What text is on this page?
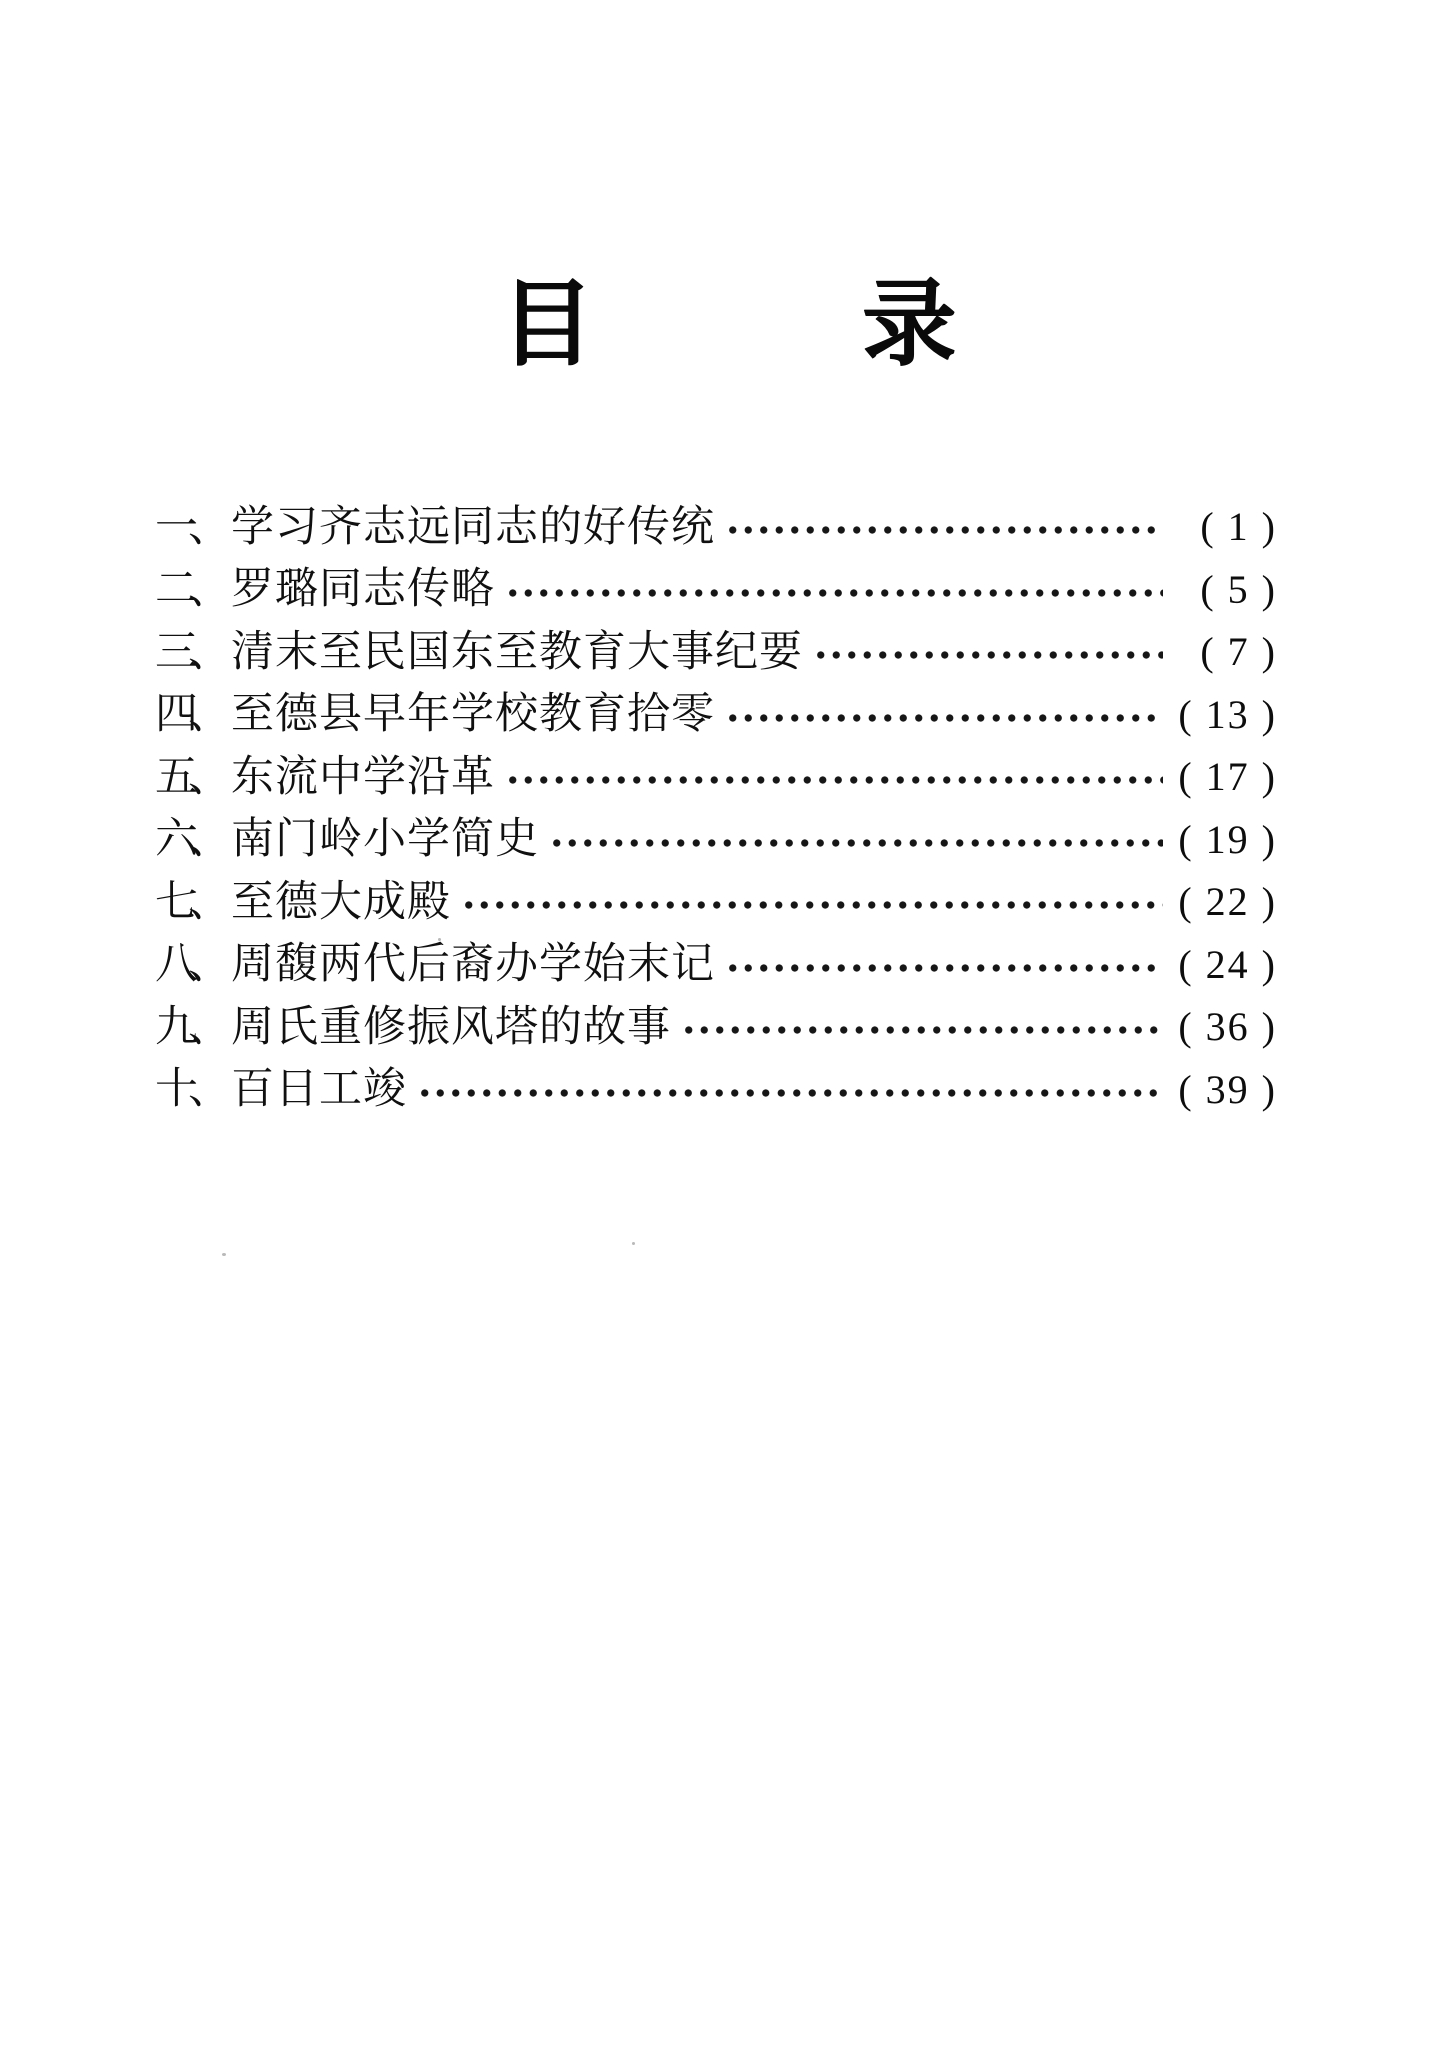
目	录
一、 学习齐志远同志的好传统	( 1 )
二、 罗璐同志传略	( 5 )
三、 清末至民国东至教育大事纪要	( 7 )
四、 至德县早年学校教育拾零	( 13 )
五、 东流中学沿革	( 17 )
六、 南门岭小学简史	( 19 )
七、 至德大成殿	( 22 )
八、 周馥两代后裔办学始末记	( 24 )
九、 周氏重修振风塔的故事	( 36 )
十、 百日工竣	( 39 )
